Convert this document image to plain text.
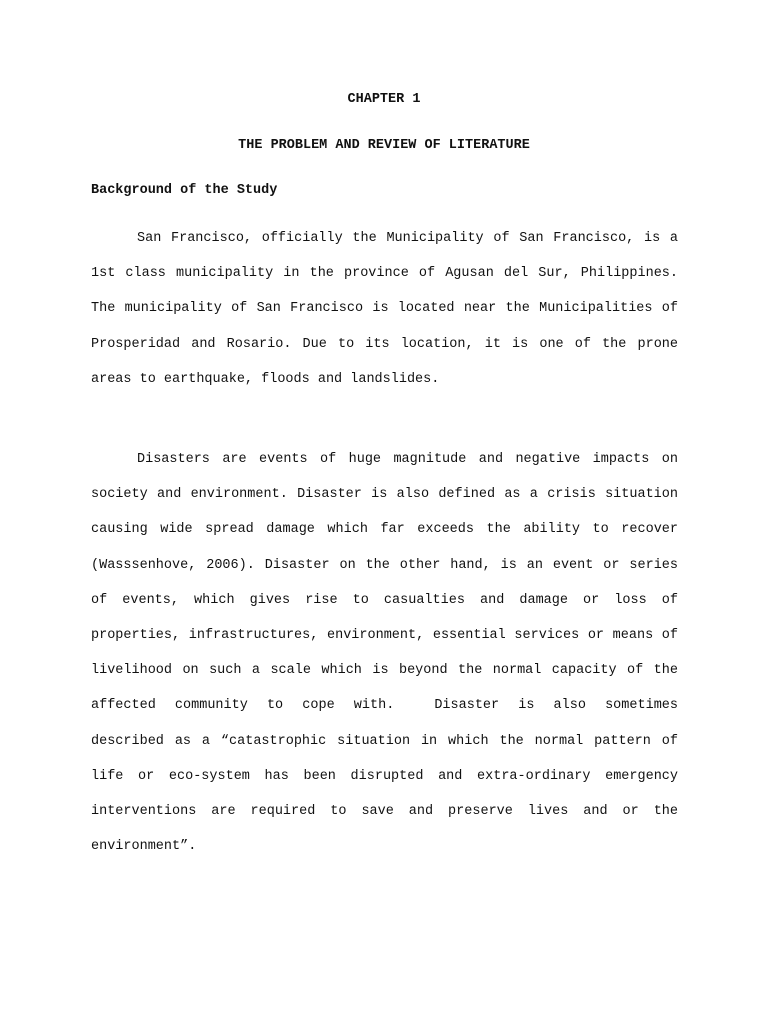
CHAPTER 1
THE PROBLEM AND REVIEW OF LITERATURE
Background of the Study

San Francisco, officially the Municipality of San Francisco, is a 1st class municipality in the province of Agusan del Sur, Philippines. The municipality of San Francisco is located near the Municipalities of Prosperidad and Rosario. Due to its location, it is one of the prone areas to earthquake, floods and landslides.

Disasters are events of huge magnitude and negative impacts on society and environment. Disaster is also defined as a crisis situation causing wide spread damage which far exceeds the ability to recover (Wasssenhove, 2006). Disaster on the other hand, is an event or series of events, which gives rise to casualties and damage or loss of properties, infrastructures, environment, essential services or means of livelihood on such a scale which is beyond the normal capacity of the affected community to cope with.	Disaster is also sometimes described as a “catastrophic situation in which the normal pattern of life or eco-system has been disrupted and extra-ordinary emergency interventions are required to save and preserve lives and or the environment”.
